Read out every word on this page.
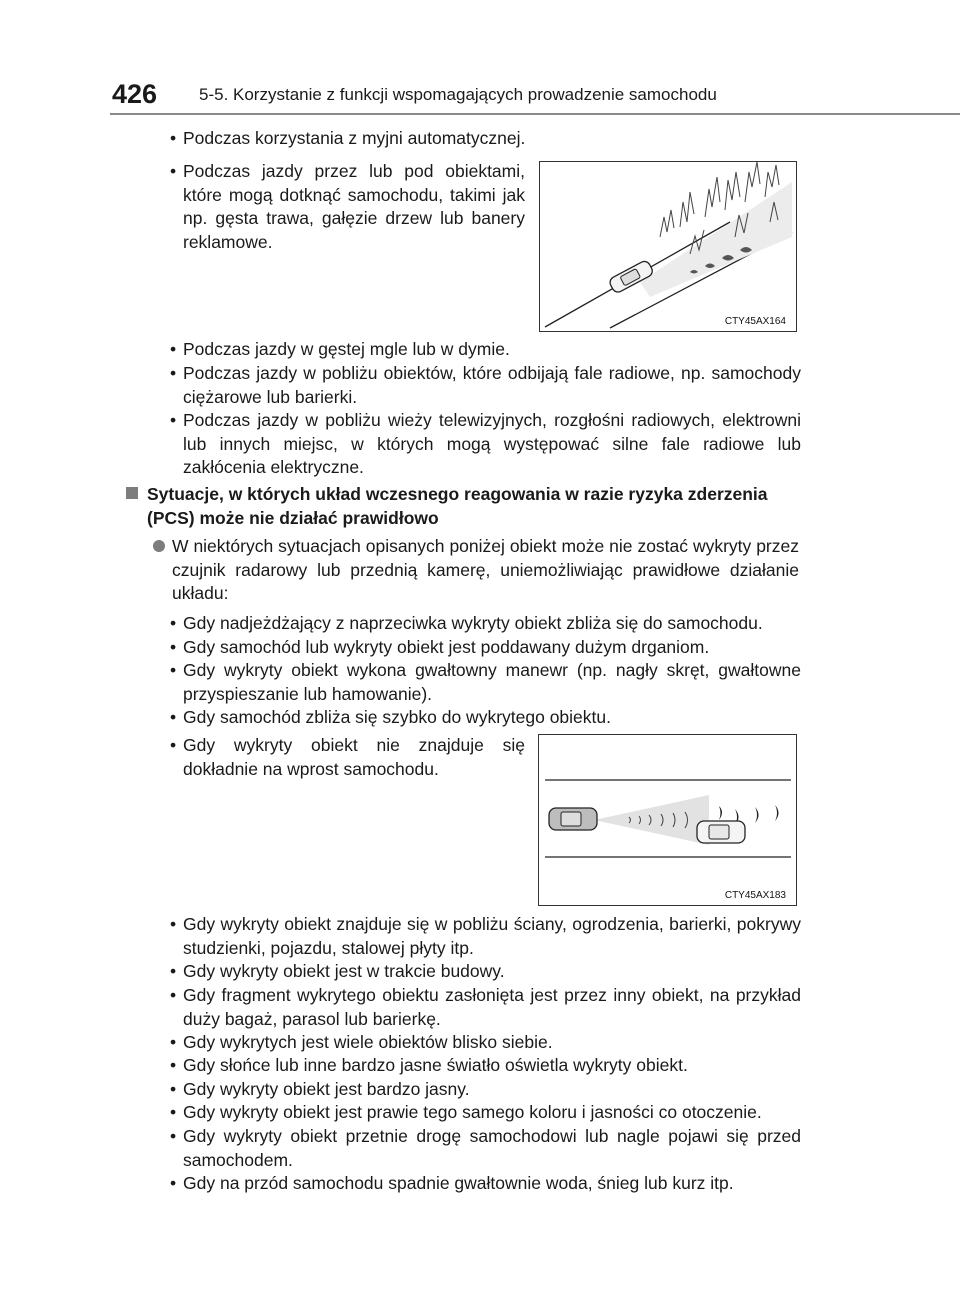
426 5-5. Korzystanie z funkcji wspomagających prowadzenie samochodu
• Podczas korzystania z myjni automatycznej.
• Podczas jazdy przez lub pod obiektami, które mogą dotknąć samochodu, takimi jak np. gęsta trawa, gałęzie drzew lub banery reklamowe.
CTY45AX164
• Podczas jazdy w gęstej mgle lub w dymie.
• Podczas jazdy w pobliżu obiektów, które odbijają fale radiowe, np. samochody ciężarowe lub barierki.
• Podczas jazdy w pobliżu wieży telewizyjnych, rozgłośni radiowych, elektrowni lub innych miejsc, w których mogą występować silne fale radiowe lub zakłócenia elektryczne.
Sytuacje, w których układ wczesnego reagowania w razie ryzyka zderzenia (PCS) może nie działać prawidłowo
W niektórych sytuacjach opisanych poniżej obiekt może nie zostać wykryty przez czujnik radarowy lub przednią kamerę, uniemożliwiając prawidłowe działanie układu:
• Gdy nadjeżdżający z naprzeciwka wykryty obiekt zbliża się do samochodu.
• Gdy samochód lub wykryty obiekt jest poddawany dużym drganiom.
• Gdy wykryty obiekt wykona gwałtowny manewr (np. nagły skręt, gwałtowne przyspieszanie lub hamowanie).
• Gdy samochód zbliża się szybko do wykrytego obiektu.
• Gdy wykryty obiekt nie znajduje się dokładnie na wprost samochodu.
CTY45AX183
• Gdy wykryty obiekt znajduje się w pobliżu ściany, ogrodzenia, barierki, pokrywy studzienki, pojazdu, stalowej płyty itp.
• Gdy wykryty obiekt jest w trakcie budowy.
• Gdy fragment wykrytego obiektu zasłonięta jest przez inny obiekt, na przykład duży bagaż, parasol lub barierkę.
• Gdy wykrytych jest wiele obiektów blisko siebie.
• Gdy słońce lub inne bardzo jasne światło oświetla wykryty obiekt.
• Gdy wykryty obiekt jest bardzo jasny.
• Gdy wykryty obiekt jest prawie tego samego koloru i jasności co otoczenie.
• Gdy wykryty obiekt przetnie drogę samochodowi lub nagle pojawi się przed samochodem.
• Gdy na przód samochodu spadnie gwałtownie woda, śnieg lub kurz itp.
